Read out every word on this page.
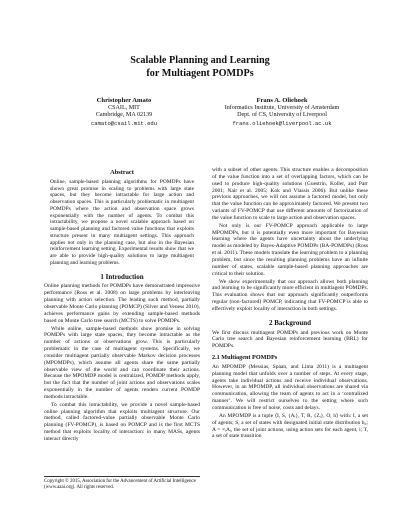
Scalable Planning and Learning
for Multiagent POMDPs
Christopher Amato
CSAIL, MIT
Cambridge, MA 02139
camato@csail.mit.edu
Frans A. Oliehoek
Informatics Institute, University of Amsterdam
Dept. of CS, University of Liverpool
frans.oliehoek@liverpool.ac.uk
Abstract

Online, sample-based planning algorithms for POMDPs have shown great promise in scaling to problems with large state spaces, but they become intractable for large action and observation spaces. This is particularly problematic in multiagent POMDPs where the action and observation space grows exponentially with the number of agents. To combat this intractability, we propose a novel scalable approach based on sample-based planning and factored value functions that exploits structure present in many multiagent settings. This approach applies not only in the planning case, but also in the Bayesian reinforcement learning setting. Experimental results show that we are able to provide high-quality solutions to large multiagent planning and learning problems.

1 Introduction

Online planning methods for POMDPs have demonstrated impressive performance (Ross et al. 2008) on large problems by interleaving planning with action selection. The leading such method, partially observable Monte Carlo planning (POMCP) (Silver and Veness 2010), achieves performance gains by extending sample-based methods based on Monte Carlo tree search (MCTS) to solve POMDPs.

While online, sample-based methods show promise in solving POMDPs with large state spaces, they become intractable as the number of actions or observations grow. This is particularly problematic in the case of multiagent systems. Specifically, we consider multiagent partially observable Markov decision processes (MPOMDPs), which assume all agents share the same partially observable view of the world and can coordinate their actions. Because the MPOMDP model is centralized, POMDP methods apply, but the fact that the number of joint actions and observations scales exponentially in the number of agents renders current POMDP methods intractable.

To combat this intractability, we provide a novel sample-based online planning algorithm that exploits multiagent structure. Our method, called factored-value partially observable Monte Carlo planning (FV-POMCP), is based on POMCP and is the first MCTS method that exploits locality of interaction: in many MASs, agents interact directly

Copyright © 2015, Association for the Advancement of Artificial Intelligence (www.aaai.org). All rights reserved.

with a subset of other agents. This structure enables a decomposition of the value function into a set of overlapping factors, which can be used to produce high-quality solutions (Guestrin, Koller, and Parr 2001; Nair et al. 2005; Kok and Vlassis 2006). But unlike these previous approaches, we will not assume a factored model, but only that the value function can be approximately factored. We present two variants of FV-POMCP that use different amounts of factorization of the value function to scale to large action and observation spaces.

Not only is our FV-POMCP approach applicable to large MPOMDPs, but it is potentially even more important for Bayesian learning where the agents have uncertainty about the underlying model as modeled by Bayes-Adaptive POMDPs (BA-POMDPs) (Ross et al. 2011). These models translate the learning problem to a planning problem, but since the resulting planning problems have an infinite number of states, scalable sample-based planning approaches are critical to their solution.

We show experimentally that our approach allows both planning and learning to be significantly more efficient in multiagent POMDPs. This evaluation shows that our approach significantly outperforms regular (non-factored) POMCP, indicating that FV-POMCP is able to effectively exploit locality of interaction in both settings.

2 Background

We first discuss multiagent POMDPs and previous work on Monte Carlo tree search and Bayesian reinforcement learning (BRL) for POMDPs.

2.1 Multiagent POMDPs

An MPOMDP (Messias, Spaan, and Lima 2011) is a multiagent planning model that unfolds over a number of steps. At every stage, agents take individual actions and receive individual observations. However, in an MPOMDP, all individual observations are shared via communication, allowing the team of agents to act in a ‘centralized manner’. We will restrict ourselves to the setting where such communication is free of noise, costs and delays.

An MPOMDP is a tuple ⟨I, S, {Aᵢ}, T, R, {Zᵢ}, O, h⟩ with: I, a set of agents; S, a set of states with designated initial state distribution b₀; A = ×ᵢAᵢ, the set of joint actions, using action sets for each agent, i; T, a set of state transition
